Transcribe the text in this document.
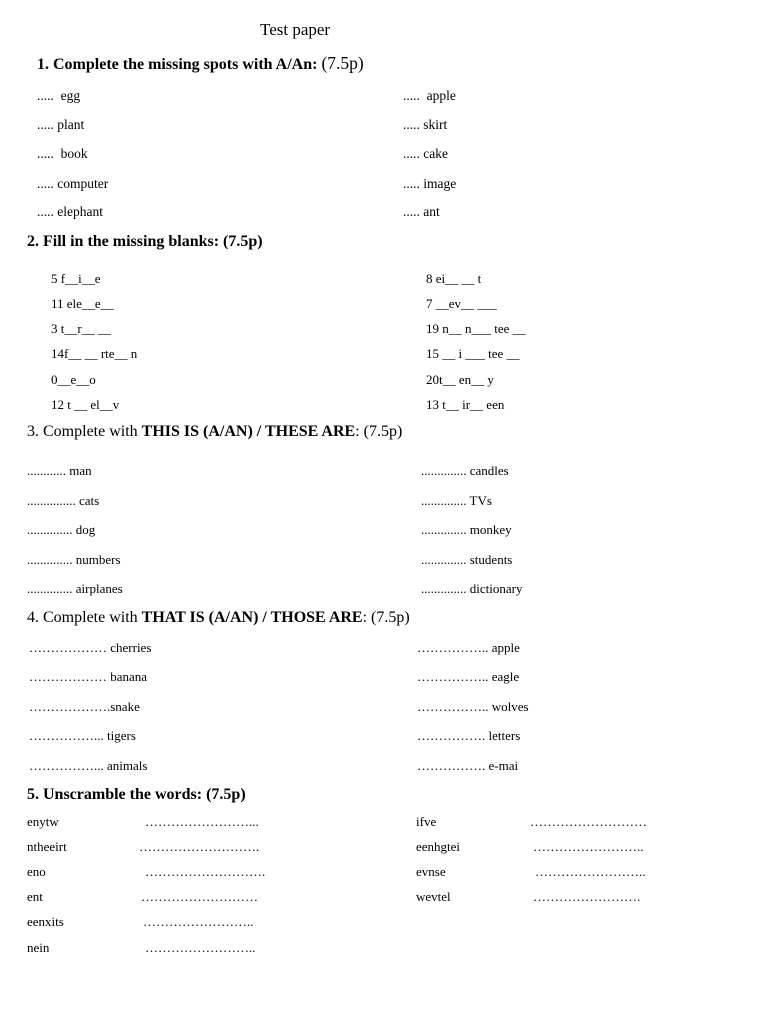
Test paper
1. Complete the missing spots with A/An: (7.5p)
.....  egg
..... plant
.....  book
..... computer
..... elephant
.....  apple
..... skirt
..... cake
..... image
..... ant
2. Fill in the missing blanks: (7.5p)
5 f__i__e
11 ele__e__
3 t__r__ __
14f__ __ rte__ n
0__e__o
12 t __ el__v
8 ei__ __ t
7 __ev__ ___
19 n__ n___ tee __
15 __ i ___ tee __
20t__ en__ y
13 t__ ir__ een
3. Complete with THIS IS (A/AN) / THESE ARE: (7.5p)
............ man
............... cats
.............. dog
.............. numbers
.............. airplanes
.............. candles
.............. TVs
.............. monkey
.............. students
.............. dictionary
4. Complete with THAT IS (A/AN) / THOSE ARE: (7.5p)
……………… cherries
……………… banana
……………….snake
……………... tigers
……………... animals
…………….. apple
…………….. eagle
…………….. wolves
……………. letters
……………. e-mai
5. Unscramble the words: (7.5p)
enytw
ntheeirt
eno
ent
eenxits
nein
……………………...
……………………….
……………………….
………………………
……………………..
……………………..
ifve
eenhgtei
evnse
wevtel
………………………
……………………..
……………………..
…………………….
